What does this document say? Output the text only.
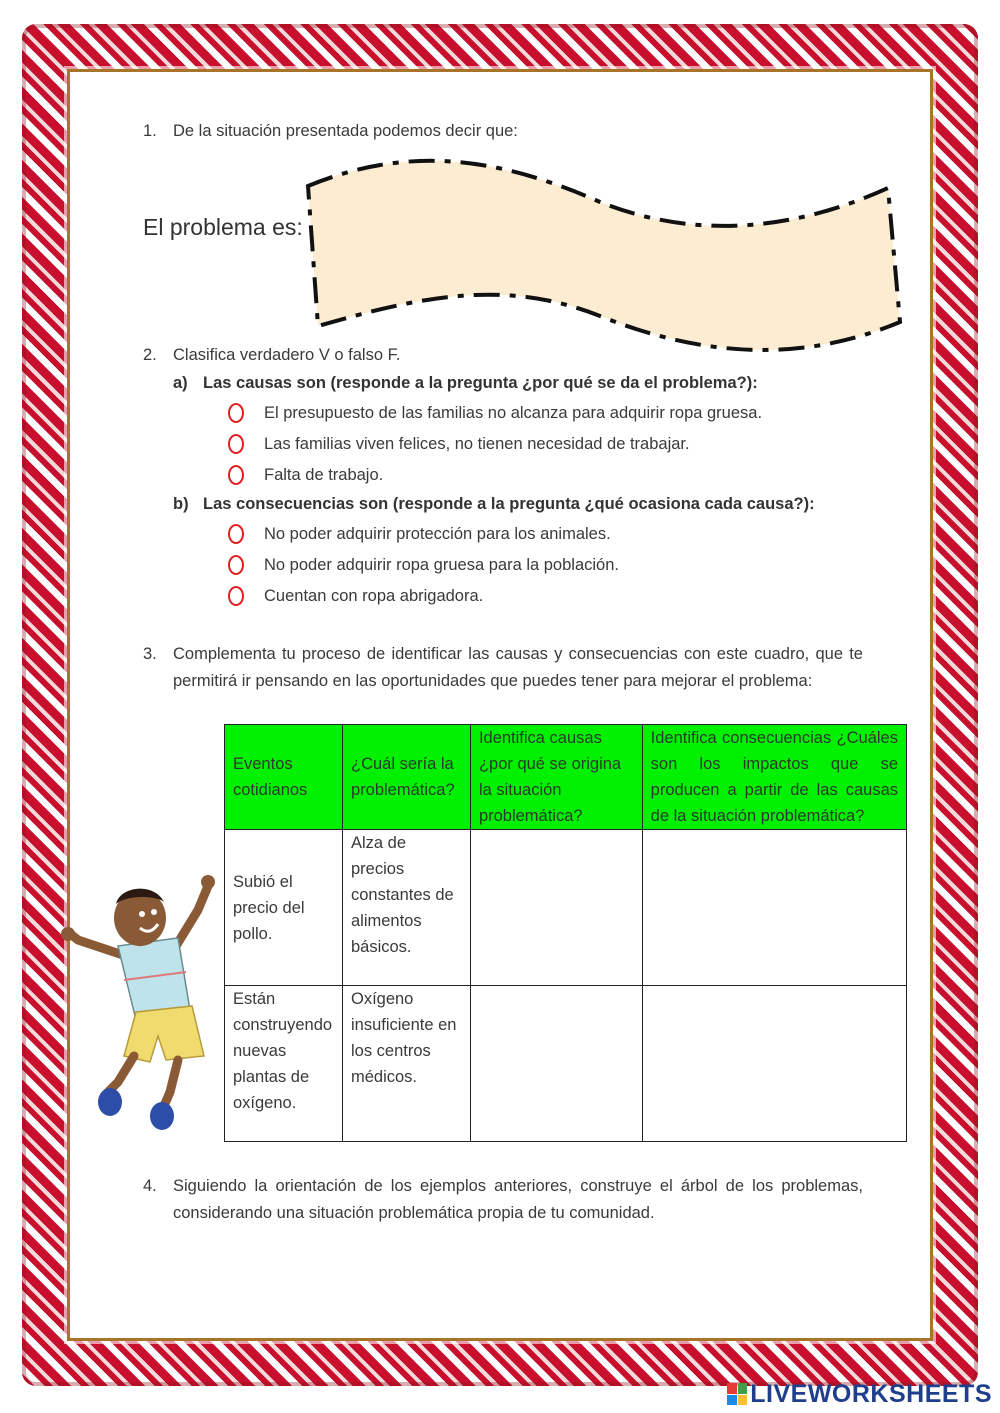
1. De la situación presentada podemos decir que:
El problema es:
2. Clasifica verdadero V o falso F.
a) Las causas son (responde a la pregunta ¿por qué se da el problema?):
El presupuesto de las familias no alcanza para adquirir ropa gruesa.
Las familias viven felices, no tienen necesidad de trabajar.
Falta de trabajo.
b) Las consecuencias son (responde a la pregunta ¿qué ocasiona cada causa?):
No poder adquirir protección para los animales.
No poder adquirir ropa gruesa para la población.
Cuentan con ropa abrigadora.
3. Complementa tu proceso de identificar las causas y consecuencias con este cuadro, que te permitirá ir pensando en las oportunidades que puedes tener para mejorar el problema:
Eventos cotidianos	¿Cuál sería la problemática?	Identifica causas ¿por qué se origina la situación problemática?	Identifica consecuencias ¿Cuáles son los impactos que se producen a partir de las causas de la situación problemática?
Subió el precio del pollo.	Alza de precios constantes de alimentos básicos.		
Están construyendo nuevas plantas de oxígeno.	Oxígeno insuficiente en los centros médicos.		
4. Siguiendo la orientación de los ejemplos anteriores, construye el árbol de los problemas, considerando una situación problemática propia de tu comunidad.
LIVEWORKSHEETS
